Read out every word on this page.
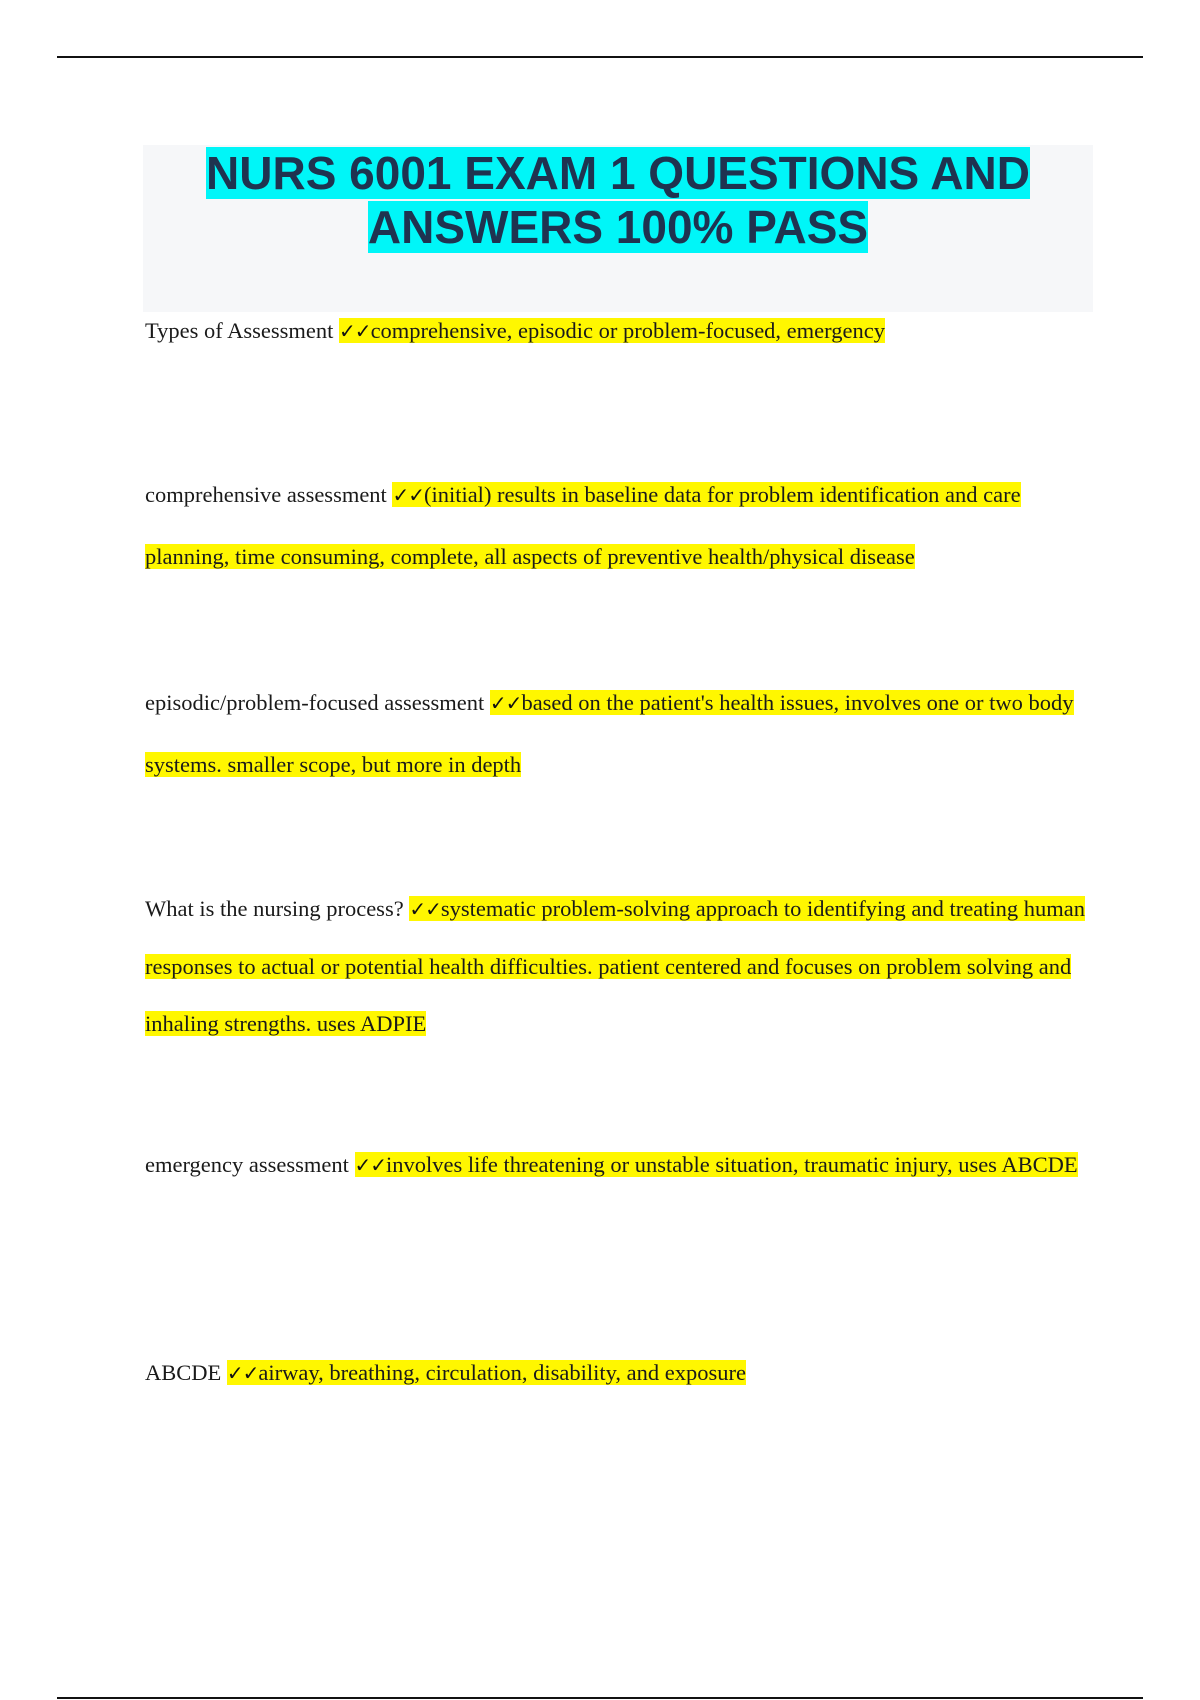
NURS 6001 EXAM 1 QUESTIONS AND ANSWERS 100% PASS

Types of Assessment ✓✓comprehensive, episodic or problem-focused, emergency

comprehensive assessment ✓✓(initial) results in baseline data for problem identification and care planning, time consuming, complete, all aspects of preventive health/physical disease

episodic/problem-focused assessment ✓✓based on the patient's health issues, involves one or two body systems. smaller scope, but more in depth

What is the nursing process? ✓✓systematic problem-solving approach to identifying and treating human responses to actual or potential health difficulties. patient centered and focuses on problem solving and inhaling strengths. uses ADPIE

emergency assessment ✓✓involves life threatening or unstable situation, traumatic injury, uses ABCDE

ABCDE ✓✓airway, breathing, circulation, disability, and exposure
